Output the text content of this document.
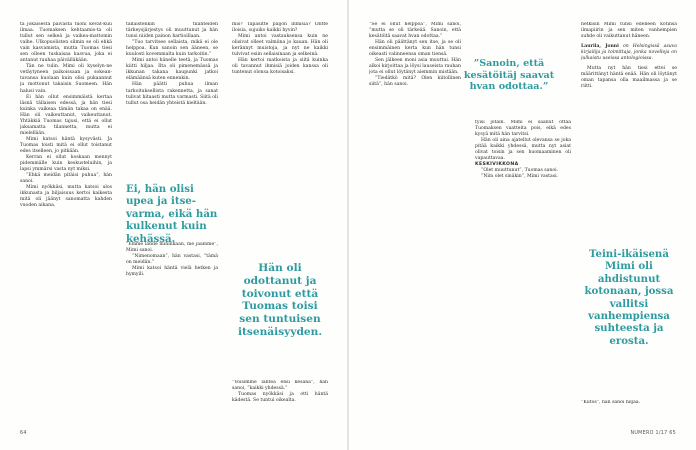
tä jokaisesta päivästä tuoni kevät-kuu ilmaa. Tuomaksen kehtaamis-ta oli tullut sen selkeä ja vaikea-mattomin vaihe. Ulkopuolisten silmin se oli ehkä vain kasvamista, mutta Tuomas tiesi sen olleen tuskaisaa kasvua, joka ei antanut rauhaa päivälläkään.

Tän ne tulin. Mimi oli kyselyn-ne vetäytyneen paikoissaan ja sokean-tavansa kuolaan kuin olisi pukaannut ja mottonut takaisin Suomeen. Hän halusi vain.

Ei hän ollut ensimmäistä kertaa läsnä tällaisen edessä, ja hän tiesi kuinka vaikeaa tämän takaa on enää. Hän oli vaikeuttanut, vaikeuttanut. Yhtäkkiä Tuomas tajusi, että ei ollut jaksamatta tilannetta, mutta ei mielellään.

Mimi katsoi häntä kysyvästi. Ja Tuomas toisti mitä ei ollut toistanut edes itselleen, jo pitkään.

Kerran ei ollut koskaan mennyt pidemmälle kuin keskusteluihin, ja lapsi ymmärsi vasta nyt miksi.

”Ehkä meidän pitäisi puhua”, hän sanoi.

Mimi nyökkäsi, mutta katsoi ulos ikkunasta ja hiljaisuus kertoi kaikesta mitä oli jäänyt sanomatta kahden vuoden aikana.

tälläistenkin tilanteiden tärkeysjärjestys oli muuttunut ja hän tunsi niiden painon hartioillaan.

”Tuo tarvitsee sellaista, mikä ei ole helppoa. Kun sanoin sen ääneen, se kuulosti kovemmalta kuin tarkoitin.”

Mimi antoi hänelle teetä, ja Tuomas kiitti hiljaa. Ilta oli pimenemässä ja ikkunan takana kaupunki jatkoi elämäänsä kuten ennenkin.

Hän päätti puhua ilman tarkoituksellista rakennetta, ja sanat tulivat hitaasti mutta varmasti. Siitä oli tullut osa heidän yhteistä kieltään.

Ei, hän olisi upea ja itse-varma, eikä hän kulkenut kuin kehässä.

”Emme lähde mihinkään, me jäämme”, Mimi sanoi.

”Nimenomaan”, hän vastasi, ”tämä on meidän.”

Mimi katsoi häntä vielä hetken ja hymyili.

mis? Tapasitte paljon ihmisiä? Olitte iloisia, sujuiko kaikki hyvin?

Mimi antoi vastauksensa kuin ne olisivat olleet valmiina jo kauan. Hän oli kerännyt muistoja, ja nyt ne kaikki tulvivat esiin sellaisinaan ja selkeinä.

Hän kertoi matkoista ja siitä kuinka oli tavannut ihmisiä joiden kanssa oli tuntenut olonsa kotoisaksi.

Hän oli odottanut ja toivonut että Tuomas toisi sen tuntuisen itsenäisyyden.

”Voisimme lähteä ensi kesänä”, hän sanoi, ”kaikki yhdessä.”

Tuomas nyökkäsi ja otti häntä kädestä. Se tuntui oikealta.

64

”Se ei ollut helppoa”, Mimi sanoi, ”mutta se oli tärkeää. Sanoin, että kesätöitä saavat hvan odottaa.”

Hän oli päättänyt sen itse, ja se oli ensimmäinen kerta kun hän tunsi oikeasti valinneensa oman tiensä.

Sen jälkeen moni asia muuttui. Hän alkoi kirjoittaa ja löysi lauseista rauhan jota ei ollut löytänyt aiemmin mistään.

”Tiedätkö mitä? Olen kiitollinen siitä”, hän sanoi.

”Sanoin, että kesätöitäj saavat hvan odottaa.”

tyisi jotain. Mimi ei saanut ottaa Tuomaksen vaatteita pois, eikä edes kysyä mitä hän tarvitsi.

Hän oli aina ajatellut olevansa se joka pitää kaikki yhdessä, mutta nyt asiat olivat toisin ja sen huomaaminen oli vapauttavaa.

KESKIVIKKONA

”Olet muuttunut”, Tuomas sanoi.

”Niin olet sinäkin”, Mimi vastasi.

hetkisin Mimi tunsi edelleen kotinsa ilmapiirin ja sen miten vanhempien suhde oli vaikuttanut häneen.

Laurila, Jonni on Helsingissä asuva kirjailija ja toimittaja, jonka novelleja on julkaistu useissa antologioissa.

Mutta nyt hän tiesi ettei se määrittänyt häntä enää. Hän oli löytänyt oman tapansa olla maailmassa ja se riitti.

Teini-ikäisenä Mimi oli ahdistunut kotonaan, jossa vallitsi vanhempiensa suhteesta ja erosta.

”Kiitos”, hän sanoi hiljaa.

NUMERO 1/17 65
